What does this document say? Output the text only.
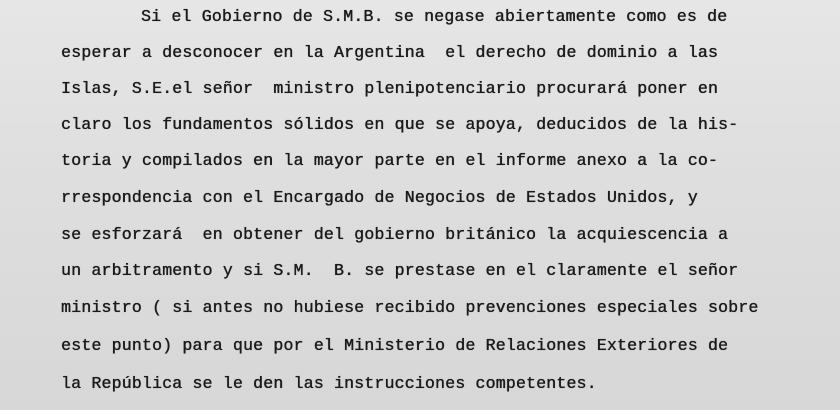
Si el Gobierno de S.M.B. se negase abiertamente como es de
esperar a desconocer en la Argentina  el derecho de dominio a las
Islas, S.E.el señor  ministro plenipotenciario procurará poner en
claro los fundamentos sólidos en que se apoya, deducidos de la his-
toria y compilados en la mayor parte en el informe anexo a la co-
rrespondencia con el Encargado de Negocios de Estados Unidos, y
se esforzará  en obtener del gobierno británico la acquiescencia a
un arbitramento y si S.M.  B. se prestase en el claramente el señor
ministro ( si antes no hubiese recibido prevenciones especiales sobre
este punto) para que por el Ministerio de Relaciones Exteriores de
la República se le den las instrucciones competentes.
